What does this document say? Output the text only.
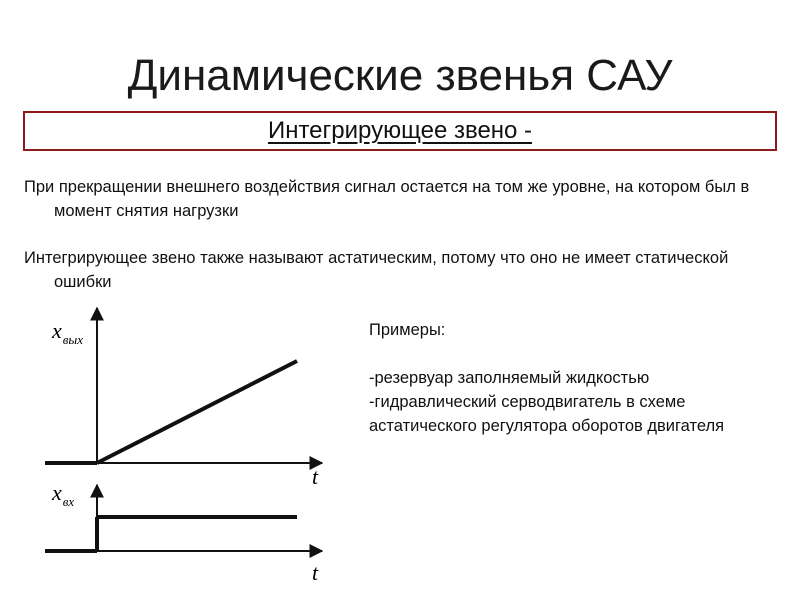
Динамические звенья САУ
Интегрирующее звено -
При прекращении внешнего воздействия сигнал остается на том же уровне, на котором был в момент снятия нагрузки
Интегрирующее звено также называют астатическим, потому что оно не имеет статической ошибки
Примеры:
-резервуар заполняемый жидкостью
-гидравлический серводвигатель в схеме астатического регулятора оборотов двигателя
$x_{вых}$
t
$x_{вх}$
t
